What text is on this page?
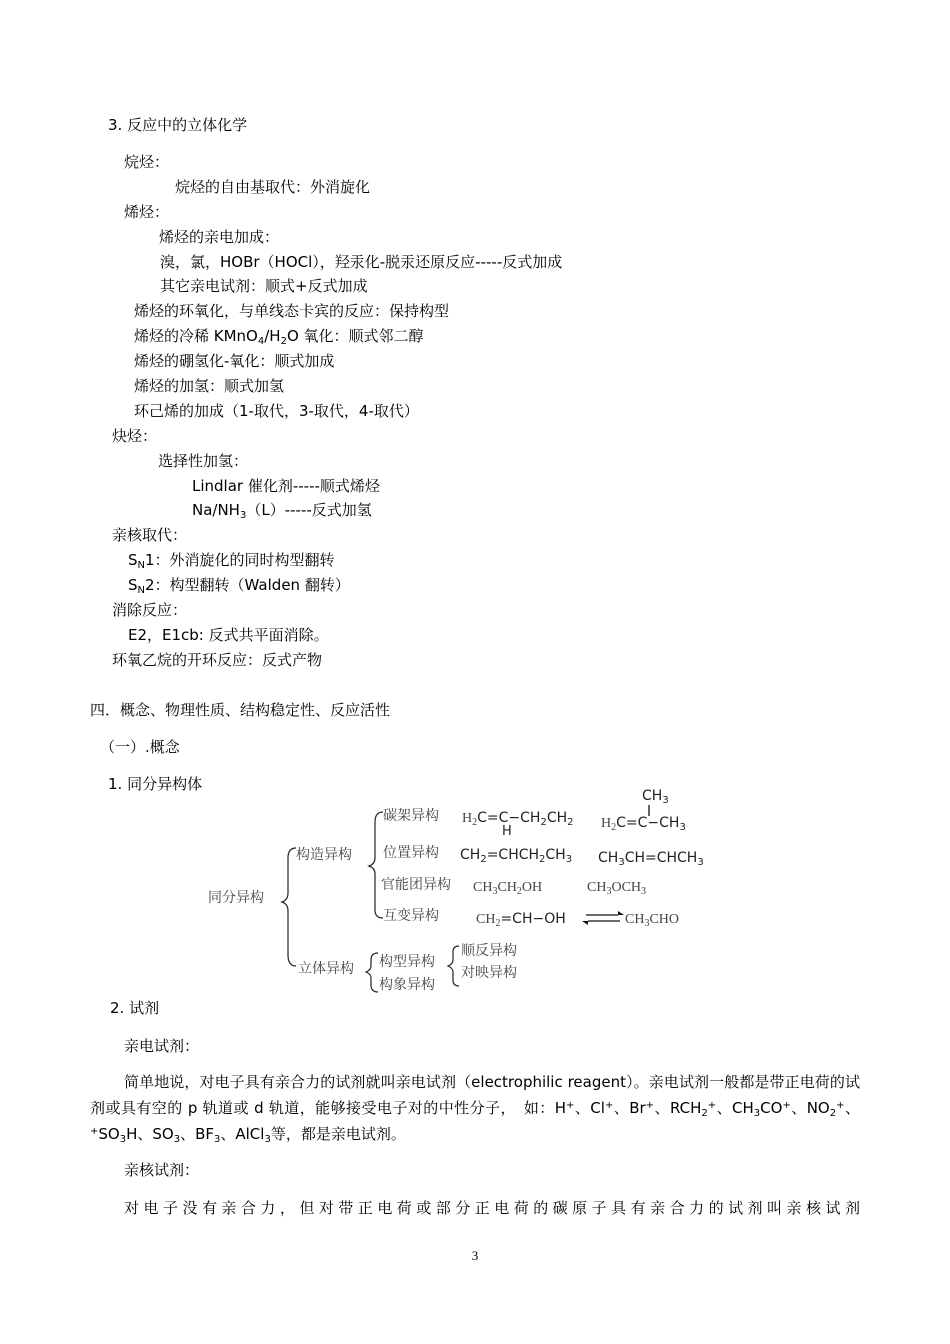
3. 反应中的立体化学
烷烃：
烷烃的自由基取代：外消旋化
烯烃：
烯烃的亲电加成：
溴，氯，HOBr（HOCl），羟汞化-脱汞还原反应-----反式加成
其它亲电试剂：顺式+反式加成
烯烃的环氧化，与单线态卡宾的反应：保持构型
烯烃的冷稀 $KMnO_4/H_2O$ 氧化：顺式邻二醇
烯烃的硼氢化-氧化：顺式加成
烯烃的加氢：顺式加氢
环己烯的加成（1-取代，3-取代，4-取代）
炔烃：
选择性加氢：
Lindlar 催化剂-----顺式烯烃
$Na/NH_3(L)-----$反式加氢
亲核取代：
$S_N1$：外消旋化的同时构型翻转
$S_N2$：构型翻转（Walden 翻转）
消除反应：
E2，E1cb: 反式共平面消除。
环氧乙烷的开环反应：反式产物
四．概念、物理性质、结构稳定性、反应活性
（一）.概念
1. 同分异构体
同分异构
构造异构
立体异构
碳架异构
位置异构
官能团异构
互变异构
构型异构
构象异构
顺反异构
对映异构
$H_2C=C-CH_2CH_2$
H
$CH_3$
$H_2C=C-CH_3$
$CH_2=CHCH_2CH_3$ $CH_3CH=CHCH_3$
$CH_3CH_2OH$	$CH_3OCH_3$
$CH_2=CH-OH$	$CH_3CHO$
2. 试剂
亲电试剂：
简单地说，对电子具有亲合力的试剂就叫亲电试剂（electrophilic reagent）。亲电试剂一般都是带正电荷的试剂或具有空的 p 轨道或 d 轨道，能够接受电子对的中性分子，　如：H+、Cl+、Br+、$RCH_2^+$、$CH_3CO^+$、$NO_2^+$、$^+SO_3H$、$SO_3$、$BF_3$、AlCl$_3$等，都是亲电试剂。
亲核试剂：
对电子没有亲合力，但对带正电荷或部分正电荷的碳原子具有亲合力的试剂叫亲核试剂
3
